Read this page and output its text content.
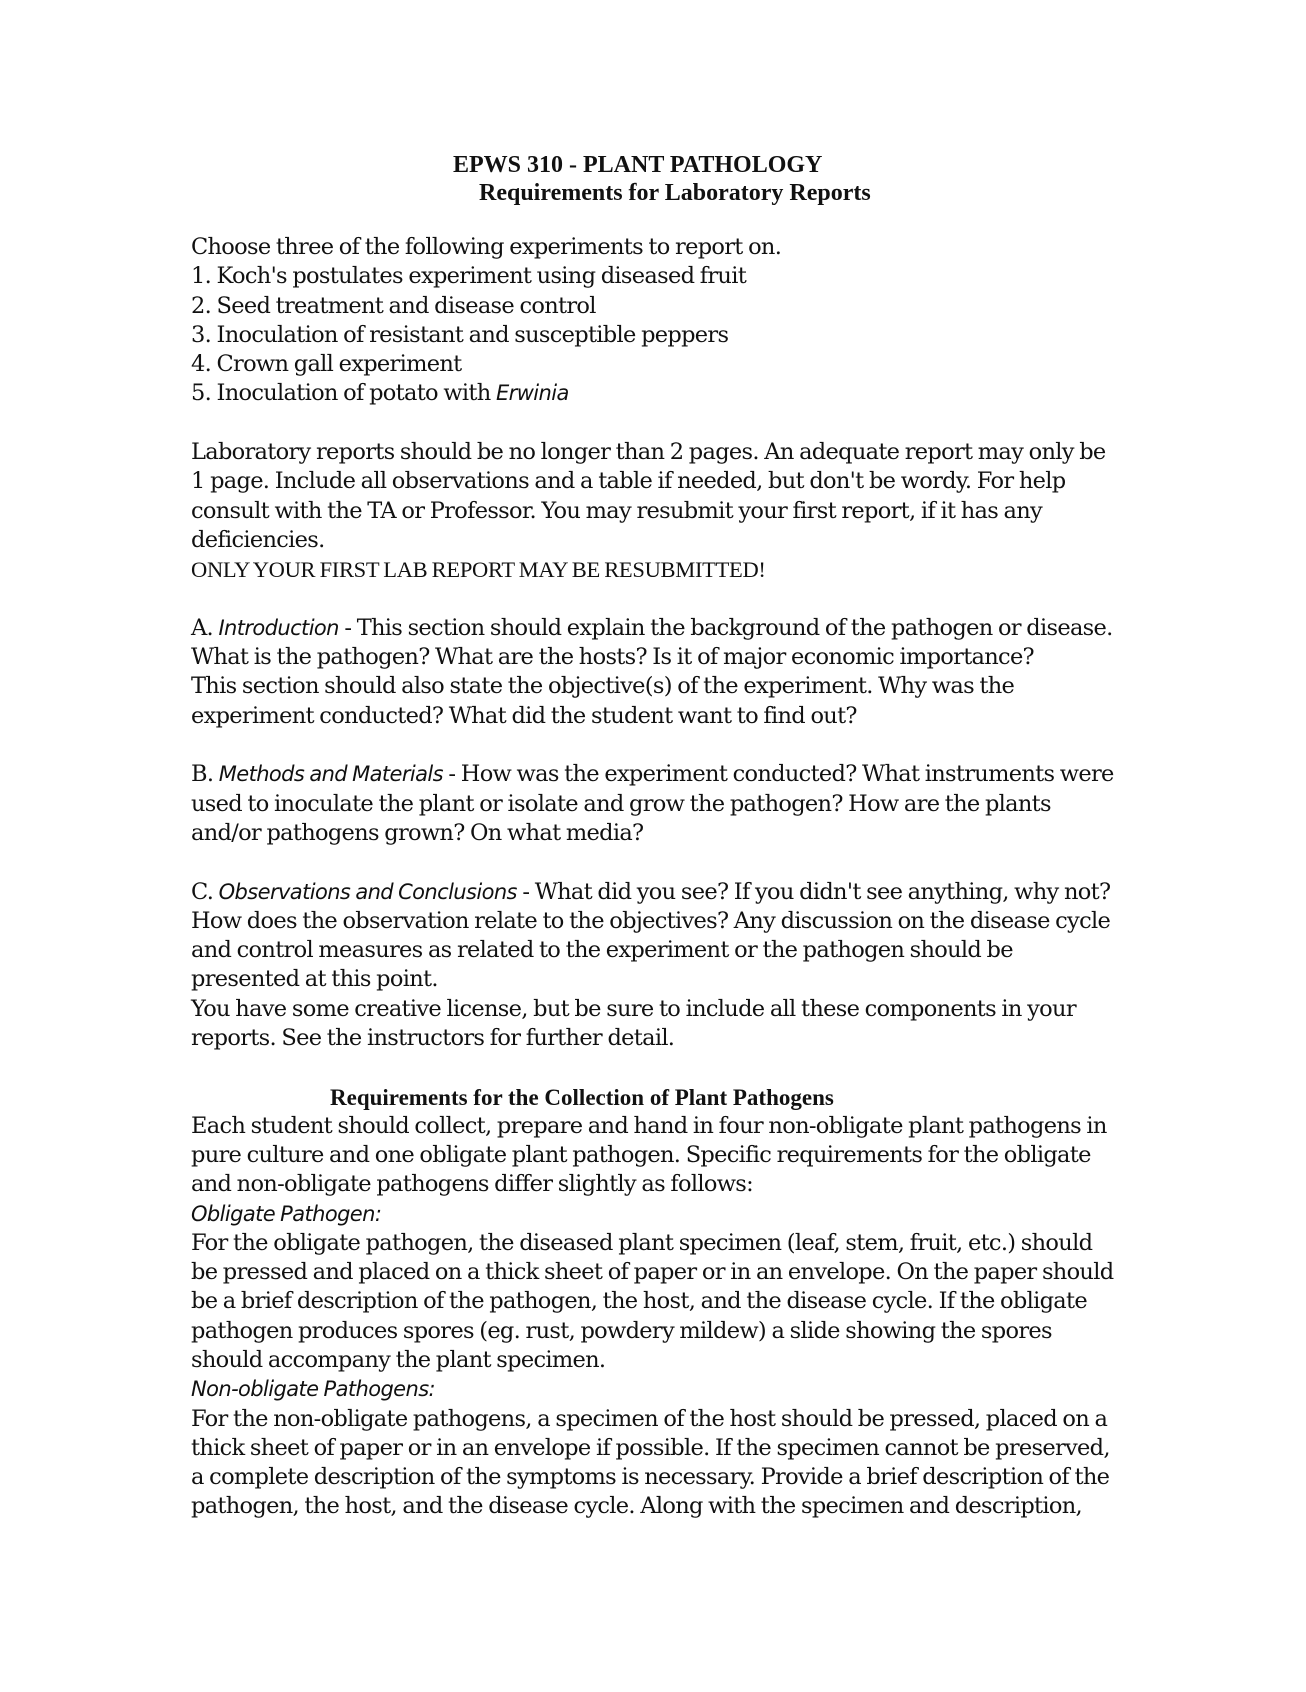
EPWS 310 - PLANT PATHOLOGY
Requirements for Laboratory Reports

Choose three of the following experiments to report on.

1. Koch's postulates experiment using diseased fruit
2. Seed treatment and disease control
3. Inoculation of resistant and susceptible peppers
4. Crown gall experiment
5. Inoculation of potato with Erwinia

Laboratory reports should be no longer than 2 pages. An adequate report may only be 1 page. Include all observations and a table if needed, but don't be wordy. For help consult with the TA or Professor. You may resubmit your first report, if it has any deficiencies.

ONLY YOUR FIRST LAB REPORT MAY BE RESUBMITTED!

A. Introduction - This section should explain the background of the pathogen or disease. What is the pathogen? What are the hosts? Is it of major economic importance?

This section should also state the objective(s) of the experiment. Why was the experiment conducted? What did the student want to find out?

B. Methods and Materials - How was the experiment conducted? What instruments were used to inoculate the plant or isolate and grow the pathogen? How are the plants and/or pathogens grown? On what media?

C. Observations and Conclusions - What did you see? If you didn't see anything, why not?

How does the observation relate to the objectives? Any discussion on the disease cycle and control measures as related to the experiment or the pathogen should be presented at this point.

You have some creative license, but be sure to include all these components in your reports. See the instructors for further detail.

Requirements for the Collection of Plant Pathogens

Each student should collect, prepare and hand in four non-obligate plant pathogens in pure culture and one obligate plant pathogen. Specific requirements for the obligate and non-obligate pathogens differ slightly as follows:

Obligate Pathogen:

For the obligate pathogen, the diseased plant specimen (leaf, stem, fruit, etc.) should be pressed and placed on a thick sheet of paper or in an envelope. On the paper should be a brief description of the pathogen, the host, and the disease cycle. If the obligate pathogen produces spores (eg. rust, powdery mildew) a slide showing the spores should accompany the plant specimen.

Non-obligate Pathogens:

For the non-obligate pathogens, a specimen of the host should be pressed, placed on a thick sheet of paper or in an envelope if possible. If the specimen cannot be preserved, a complete description of the symptoms is necessary. Provide a brief description of the pathogen, the host, and the disease cycle. Along with the specimen and description,
